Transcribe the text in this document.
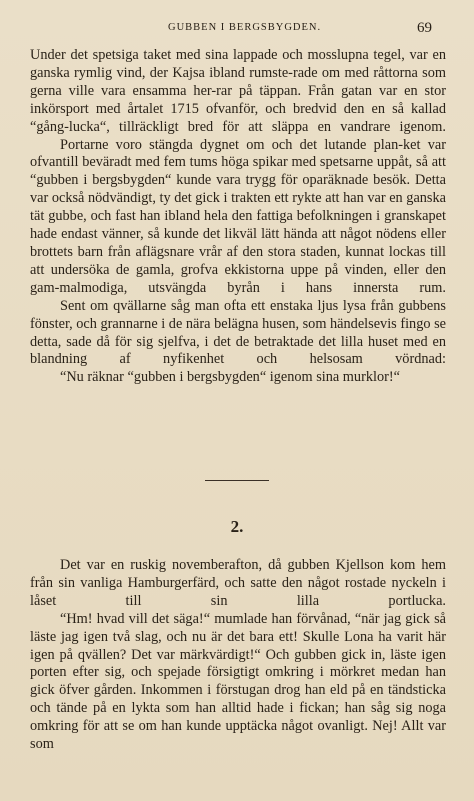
GUBBEN I BERGSBYGDEN.	69

Under det spetsiga taket med sina lappade och mosslupna tegel, var en ganska rymlig vind, der Kajsa ibland rumste-rade om med råttorna som gerna ville vara ensamma her-rar på täppan. Från gatan var en stor inkörsport med årtalet 1715 ofvanför, och bredvid den en så kallad “gång-lucka“, tillräckligt bred för att släppa en vandrare igenom.

Portarne voro stängda dygnet om och det lutande plan-ket var ofvantill beväradt med fem tums höga spikar med spetsarne uppåt, så att “gubben i bergsbygden“ kunde vara trygg för oparäknade besök. Detta var också nödvändigt, ty det gick i trakten ett rykte att han var en ganska tät gubbe, och fast han ibland hela den fattiga befolkningen i granskapet hade endast vänner, så kunde det likväl lätt hända att något nödens eller brottets barn från aflägsnare vrår af den stora staden, kunnat lockas till att undersöka de gamla, grofva ekkistorna uppe på vinden, eller den gam-malmodiga, utsvängda byrån i hans innersta rum.

Sent om qvällarne såg man ofta ett enstaka ljus lysa från gubbens fönster, och grannarne i de nära belägna husen, som händelsevis fingo se detta, sade då för sig sjelfva, i det de betraktade det lilla huset med en blandning af nyfikenhet och helsosam vördnad:

“Nu räknar “gubben i bergsbygden“ igenom sina murklor!“

2.

Det var en ruskig novemberafton, då gubben Kjellson kom hem från sin vanliga Hamburgerfärd, och satte den något rostade nyckeln i låset till sin lilla portlucka.

“Hm! hvad vill det säga!“ mumlade han förvånad, “när jag gick så läste jag igen två slag, och nu är det bara ett! Skulle Lona ha varit här igen på qvällen? Det var märkvärdigt!“ Och gubben gick in, läste igen porten efter sig, och spejade försigtigt omkring i mörkret medan han gick öfver gården. Inkommen i förstugan drog han eld på en tändsticka och tände på en lykta som han alltid hade i fickan; han såg sig noga omkring för att se om han kunde upptäcka något ovanligt. Nej! Allt var som
